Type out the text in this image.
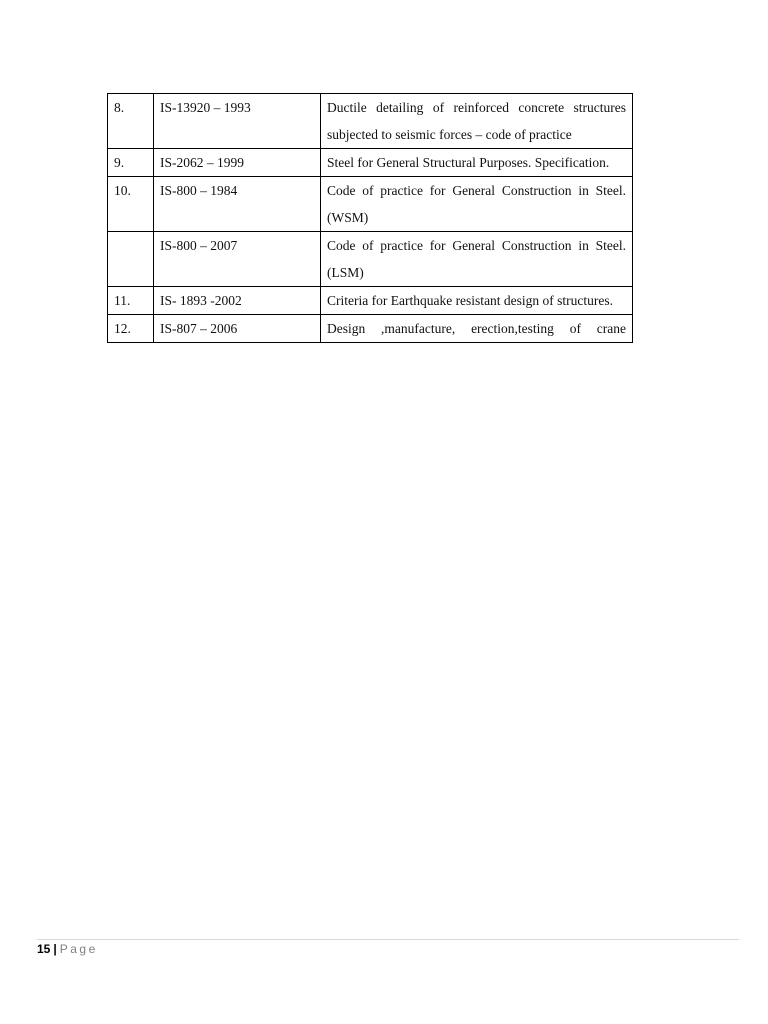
8.	IS-13920 – 1993	Ductile detailing of reinforced concrete structures subjected to seismic forces – code of practice
9.	IS-2062 – 1999	Steel for General Structural Purposes. Specification.
10.	IS-800 – 1984	Code of practice for General Construction in Steel.(WSM)
	IS-800 – 2007	Code of practice for General Construction in Steel.(LSM)
11.	IS- 1893 -2002	Criteria for Earthquake resistant design of structures.
12.	IS-807 – 2006	Design ,manufacture, erection,testing of crane
15 | Page
